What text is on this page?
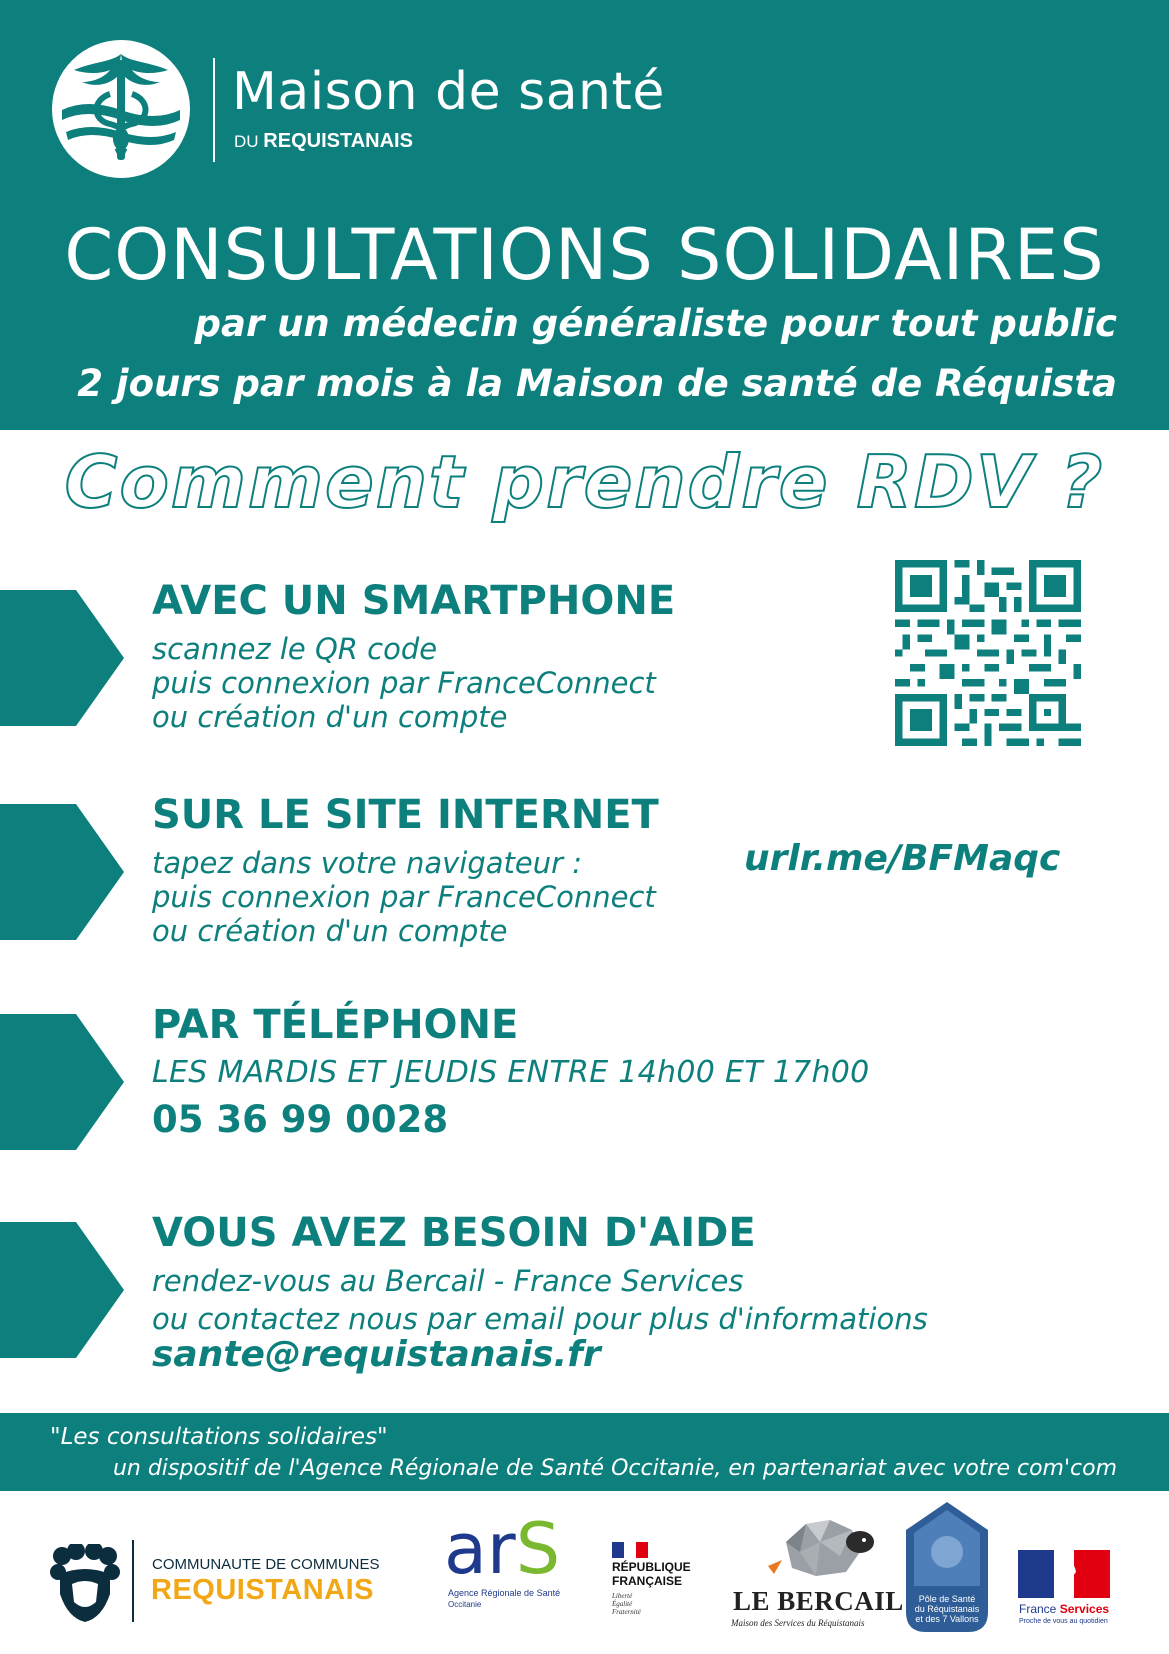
Maison de santé
DU REQUISTANAIS
CONSULTATIONS SOLIDAIRES
par un médecin généraliste pour tout public
2 jours par mois à la Maison de santé de Réquista
Comment prendre RDV ?
AVEC UN SMARTPHONE
scannez le QR code
puis connexion par FranceConnect
ou création d'un compte
SUR LE SITE INTERNET
tapez dans votre navigateur :
puis connexion par FranceConnect
ou création d'un compte
urlr.me/BFMaqc
PAR TÉLÉPHONE
LES MARDIS ET JEUDIS ENTRE 14h00 ET 17h00
05 36 99 0028
VOUS AVEZ BESOIN D'AIDE
rendez-vous au Bercail - France Services
ou contactez nous par email pour plus d'informations
sante@requistanais.fr
"Les consultations solidaires"
un dispositif de l'Agence Régionale de Santé Occitanie, en partenariat avec votre com'com
COMMUNAUTE DE COMMUNES
REQUISTANAIS arS
Agence Régionale de Santé
Occitanie
RÉPUBLIQUE
FRANÇAISE
Liberté
Égalité
Fraternité	LE BERCAIL
Maison des Services du Réquistanais
Pôle de Santé
du Réquistanais
et des 7 Vallons
France Services
Proche de vous au quotidien
